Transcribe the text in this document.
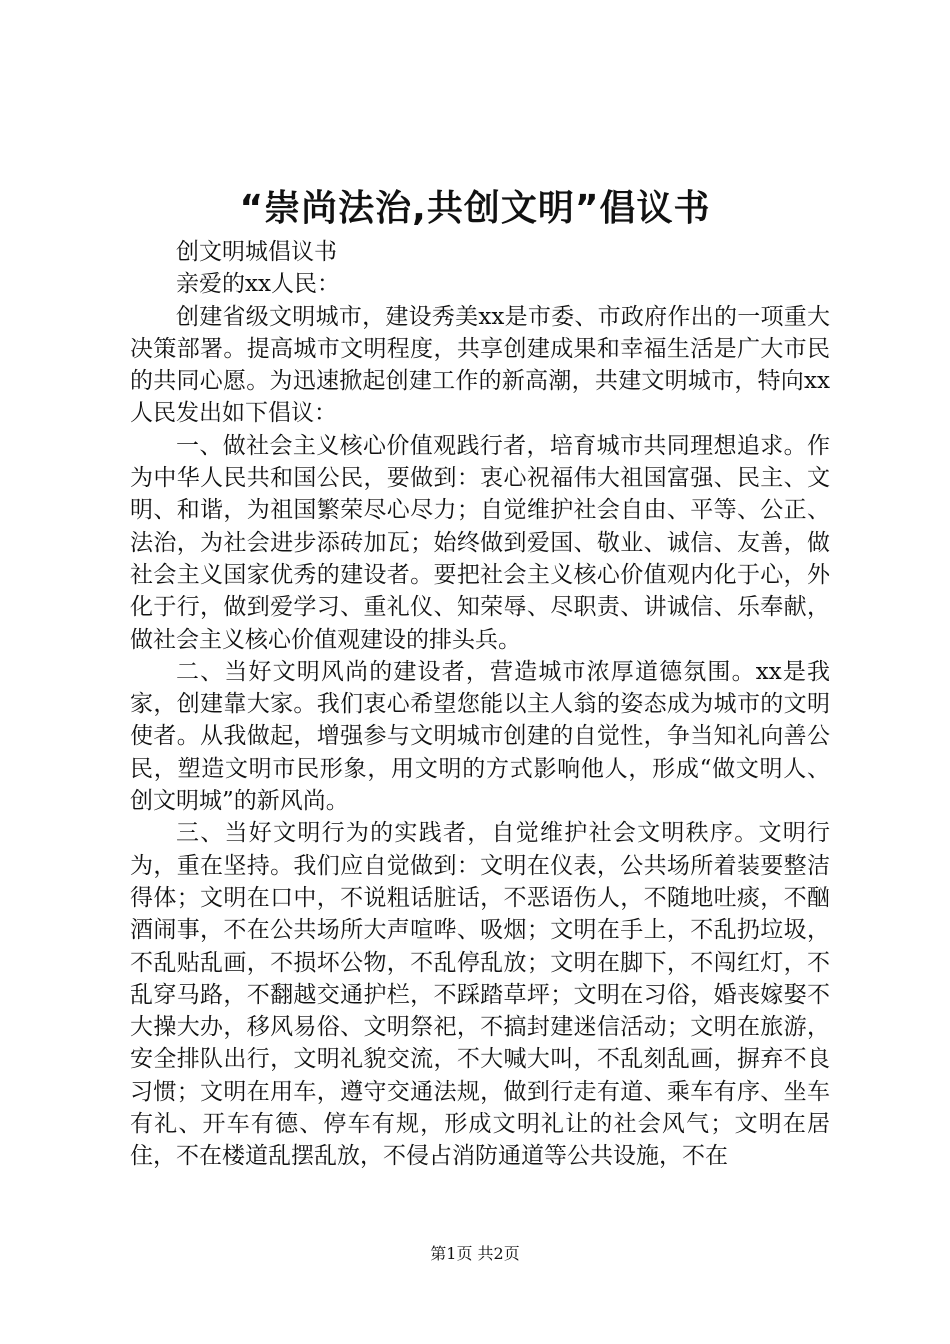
“崇尚法治,共创文明”倡议书

创文明城倡议书

亲爱的xx人民：

创建省级文明城市，建设秀美xx是市委、市政府作出的一项重大决策部署。提高城市文明程度，共享创建成果和幸福生活是广大市民的共同心愿。为迅速掀起创建工作的新高潮，共建文明城市，特向xx人民发出如下倡议：

一、做社会主义核心价值观践行者，培育城市共同理想追求。作为中华人民共和国公民，要做到：衷心祝福伟大祖国富强、民主、文明、和谐，为祖国繁荣尽心尽力；自觉维护社会自由、平等、公正、法治，为社会进步添砖加瓦；始终做到爱国、敬业、诚信、友善，做社会主义国家优秀的建设者。要把社会主义核心价值观内化于心，外化于行，做到爱学习、重礼仪、知荣辱、尽职责、讲诚信、乐奉献，做社会主义核心价值观建设的排头兵。

二、当好文明风尚的建设者，营造城市浓厚道德氛围。xx是我家，创建靠大家。我们衷心希望您能以主人翁的姿态成为城市的文明使者。从我做起，增强参与文明城市创建的自觉性，争当知礼向善公民，塑造文明市民形象，用文明的方式影响他人，形成“做文明人、创文明城”的新风尚。

三、当好文明行为的实践者，自觉维护社会文明秩序。文明行为，重在坚持。我们应自觉做到：文明在仪表，公共场所着装要整洁得体；文明在口中，不说粗话脏话，不恶语伤人，不随地吐痰，不酗酒闹事，不在公共场所大声喧哗、吸烟；文明在手上，不乱扔垃圾，不乱贴乱画，不损坏公物，不乱停乱放；文明在脚下，不闯红灯，不乱穿马路，不翻越交通护栏，不踩踏草坪；文明在习俗，婚丧嫁娶不大操大办，移风易俗、文明祭祀，不搞封建迷信活动；文明在旅游，安全排队出行，文明礼貌交流，不大喊大叫，不乱刻乱画，摒弃不良习惯；文明在用车，遵守交通法规，做到行走有道、乘车有序、坐车有礼、开车有德、停车有规，形成文明礼让的社会风气；文明在居住，不在楼道乱摆乱放，不侵占消防通道等公共设施，不在

第1页 共2页
